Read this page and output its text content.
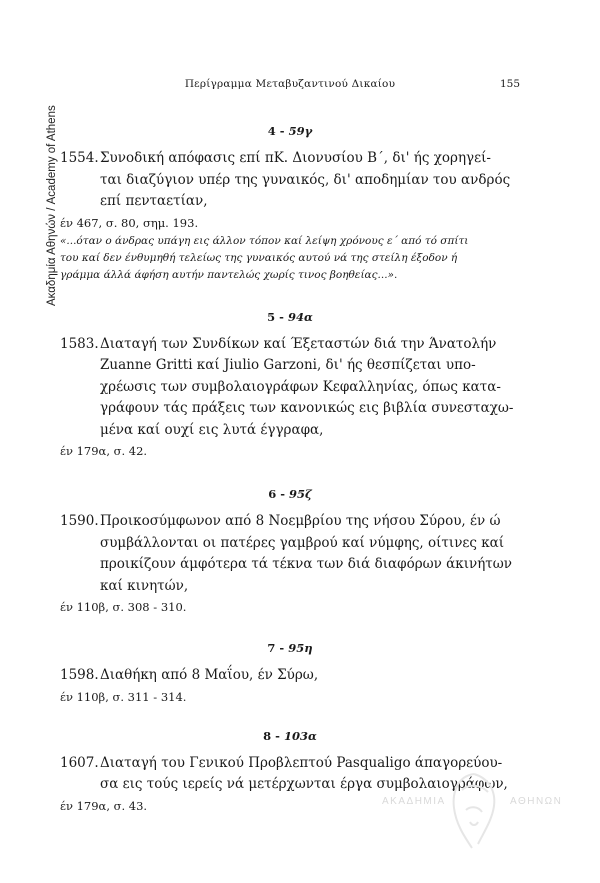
Ακαδημία Αθηνών / Academy of Athens
Περίγραμμα Μεταβυζαντινού Δικαίου	155
4 - 59γ
1554. Συνοδική απόφασις επί πΚ. Διονυσίου Β΄, δι' ής χορηγεί-
ται διαζύγιον υπέρ της γυναικός, δι' αποδημίαν του ανδρός
επί πενταετίαν,
έν 467, σ. 80, σημ. 193.
«...όταν ο άνδρας υπάγη εις άλλον τόπον καί λείψη χρόνους ε΄ από τό σπίτι
του καί δεν ένθυμηθή τελείως της γυναικός αυτού νά της στείλη έξοδον ή
γράμμα άλλά άφήση αυτήν παντελώς χωρίς τινος βοηθείας...».
5 - 94α
1583. Διαταγή των Συνδίκων καί Έξεταστών διά την Άνατολήν
Zuanne Gritti καί Jiulio Garzoni, δι' ής θεσπίζεται υπο-
χρέωσις των συμβολαιογράφων Κεφαλληνίας, όπως κατα-
γράφουν τάς πράξεις των κανονικώς εις βιβλία συνεσταχω-
μένα καί ουχί εις λυτά έγγραφα,
έν 179α, σ. 42.
6 - 95ζ
1590. Προικοσύμφωνον από 8 Νοεμβρίου της νήσου Σύρου, έν ώ
συμβάλλονται οι πατέρες γαμβρού καί νύμφης, οίτινες καί
προικίζουν άμφότερα τά τέκνα των διά διαφόρων άκινήτων
καί κινητών,
έν 110β, σ. 308 - 310.
7 - 95η
1598. Διαθήκη από 8 Μαΐου, έν Σύρω,
έν 110β, σ. 311 - 314.
8 - 103α
1607. Διαταγή του Γενικού Προβλεπτού Pasqualigo άπαγορεύου-
σα εις τούς ιερείς νά μετέρχωνται έργα συμβολαιογράφων,
έν 179α, σ. 43.	ΑΚΑΔΗΜΙΑ	ΑΘΗΝΩΝ
